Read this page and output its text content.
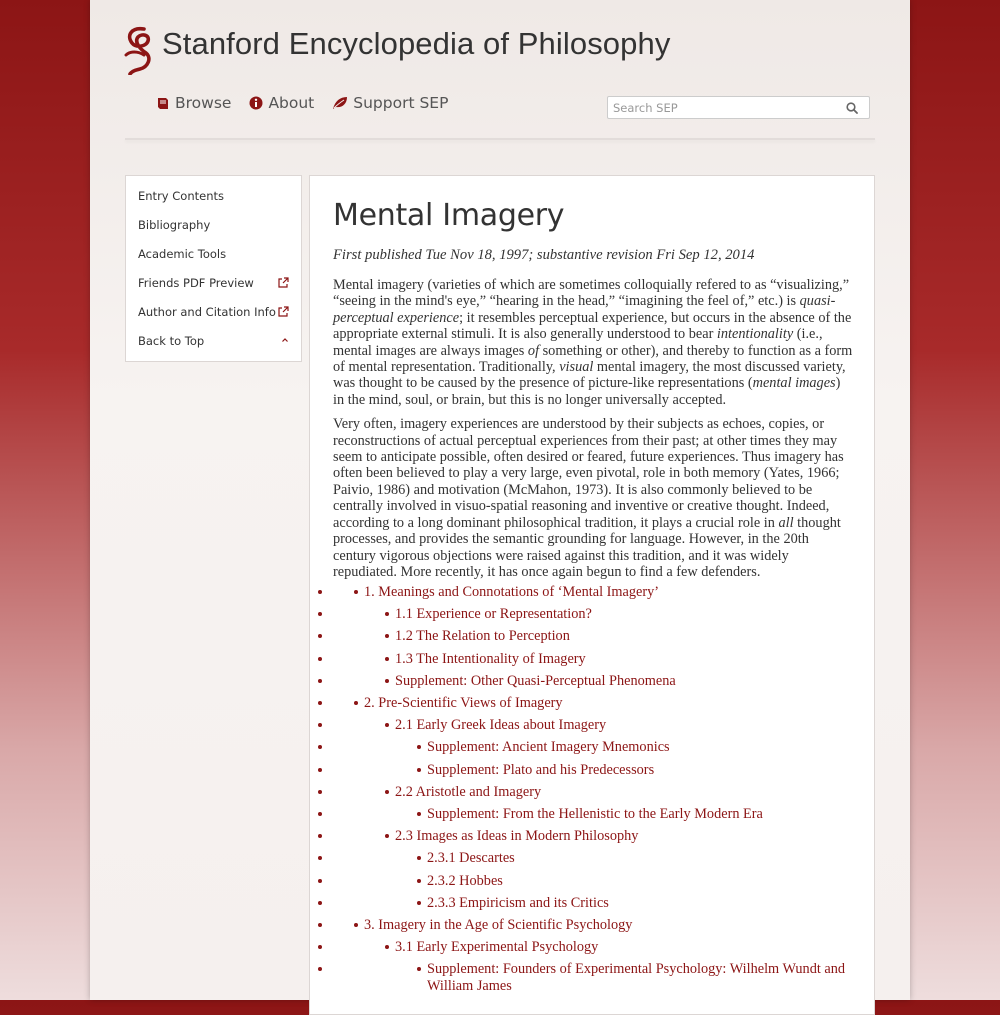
Stanford Encyclopedia of Philosophy
Browse About	Support SEP
Search SEP
Entry Contents
Bibliography
Academic Tools
Friends PDF Preview
Author and Citation Info
Back to Top
Mental Imagery
First published Tue Nov 18, 1997; substantive revision Fri Sep 12, 2014

Mental imagery (varieties of which are sometimes colloquially refered to as “visualizing,” “seeing in the mind's eye,” “hearing in the head,” “imagining the feel of,” etc.) is quasi-perceptual experience; it resembles perceptual experience, but occurs in the absence of the appropriate external stimuli. It is also generally understood to bear intentionality (i.e., mental images are always images of something or other), and thereby to function as a form of mental representation. Traditionally, visual mental imagery, the most discussed variety, was thought to be caused by the presence of picture-like representations (mental images) in the mind, soul, or brain, but this is no longer universally accepted.

Very often, imagery experiences are understood by their subjects as echoes, copies, or reconstructions of actual perceptual experiences from their past; at other times they may seem to anticipate possible, often desired or feared, future experiences. Thus imagery has often been believed to play a very large, even pivotal, role in both memory (Yates, 1966; Paivio, 1986) and motivation (McMahon, 1973). It is also commonly believed to be centrally involved in visuo-spatial reasoning and inventive or creative thought. Indeed, according to a long dominant philosophical tradition, it plays a crucial role in all thought processes, and provides the semantic grounding for language. However, in the 20th century vigorous objections were raised against this tradition, and it was widely repudiated. More recently, it has once again begun to find a few defenders.

• 1. Meanings and Connotations of ‘Mental Imagery’
• 1.1 Experience or Representation?
• 1.2 The Relation to Perception
• 1.3 The Intentionality of Imagery
• Supplement: Other Quasi-Perceptual Phenomena
• 2. Pre-Scientific Views of Imagery
• 2.1 Early Greek Ideas about Imagery
• Supplement: Ancient Imagery Mnemonics
• Supplement: Plato and his Predecessors
• 2.2 Aristotle and Imagery
• Supplement: From the Hellenistic to the Early Modern Era
• 2.3 Images as Ideas in Modern Philosophy
• 2.3.1 Descartes
• 2.3.2 Hobbes
• 2.3.3 Empiricism and its Critics
• 3. Imagery in the Age of Scientific Psychology
• 3.1 Early Experimental Psychology
• Supplement: Founders of Experimental Psychology: Wilhelm Wundt and William James
